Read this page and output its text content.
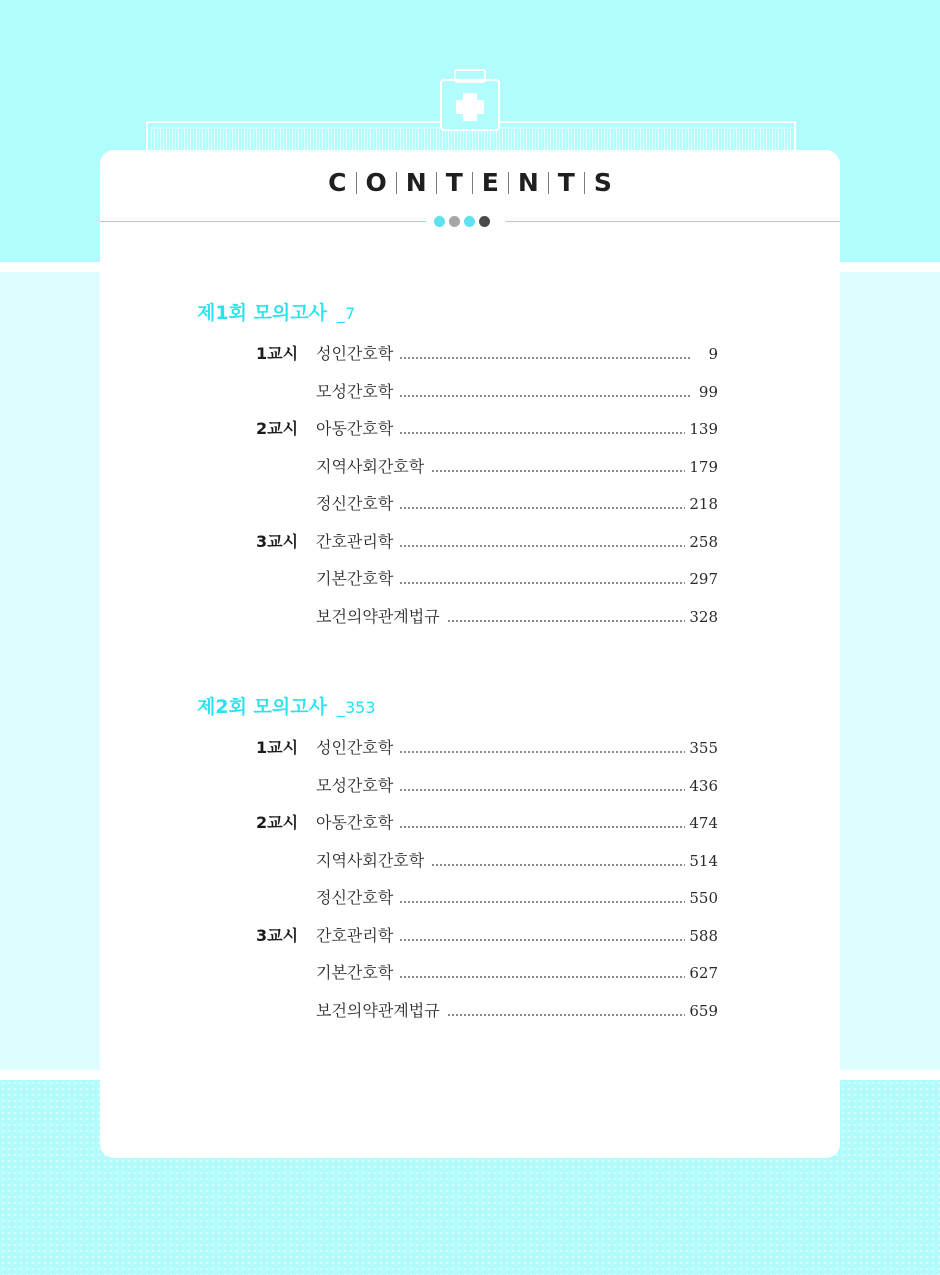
C O N T E N T S
제1회 모의고사 _7
1교시 성인간호학	9
모성간호학	99
2교시 아동간호학	139
지역사회간호학	179
정신간호학	218
3교시 간호관리학	258
기본간호학	297
보건의약관계법규	328
제2회 모의고사 _353
1교시 성인간호학	355
모성간호학	436
2교시 아동간호학	474
지역사회간호학	514
정신간호학	550
3교시 간호관리학	588
기본간호학	627
보건의약관계법규	659
